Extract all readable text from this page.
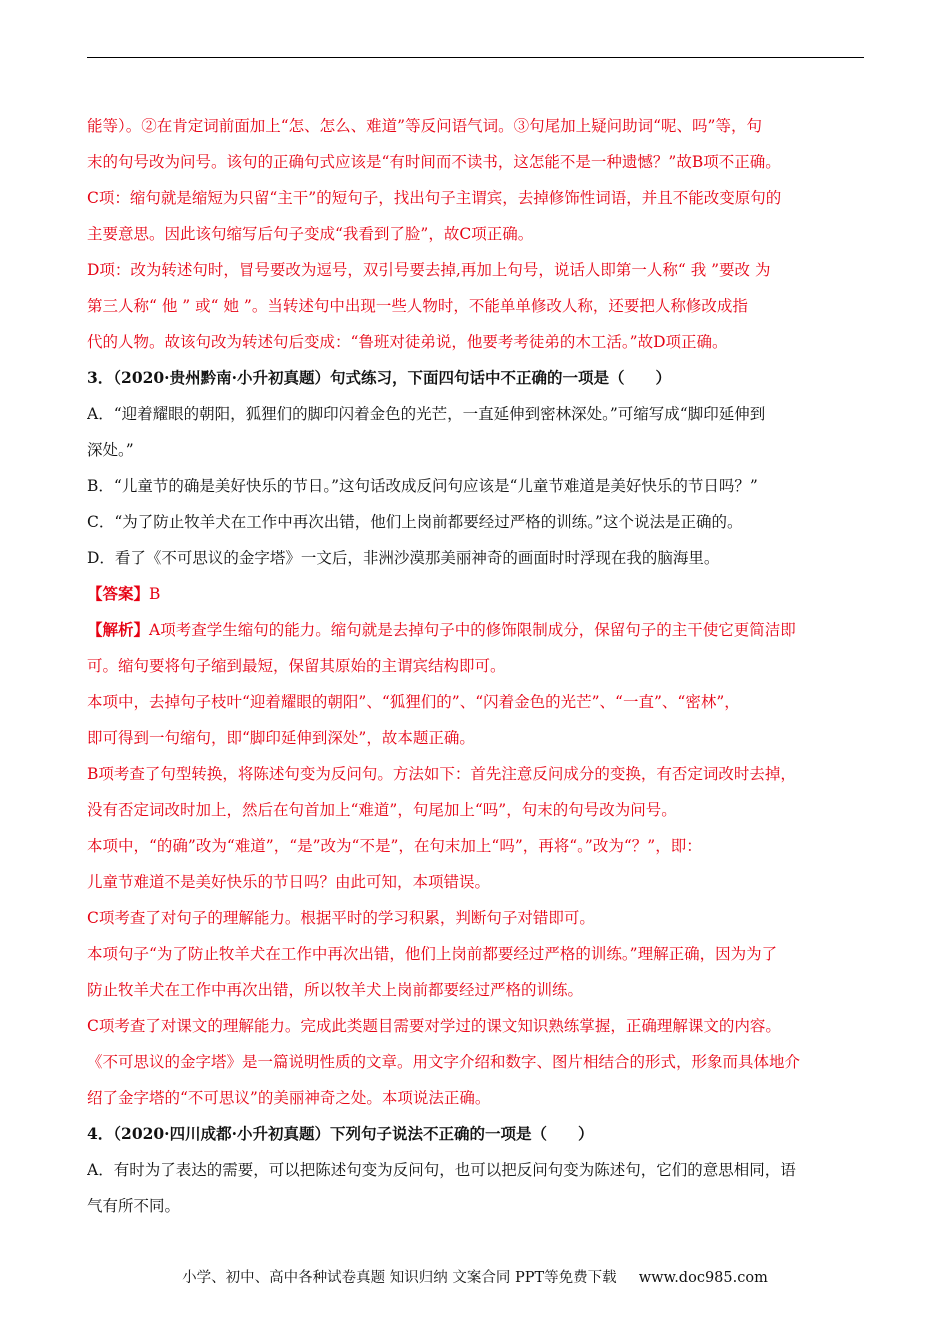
能等）。②在肯定词前面加上“怎、怎么、难道”等反问语气词。③句尾加上疑问助词“呢、吗”等，句
末的句号改为问号。该句的正确句式应该是“有时间而不读书，这怎能不是一种遗憾？”故B项不正确。
C项：缩句就是缩短为只留“主干”的短句子，找出句子主谓宾，去掉修饰性词语，并且不能改变原句的
主要意思。因此该句缩写后句子变成“我看到了脸”，故C项正确。
D项：改为转述句时，冒号要改为逗号，双引号要去掉,再加上句号，说话人即第一人称“ 我 ”要改 为
第三人称“ 他 ” 或“ 她 ”。当转述句中出现一些人物时，不能单单修改人称，还要把人称修改成指
代的人物。故该句改为转述句后变成：“鲁班对徒弟说，他要考考徒弟的木工活。”故D项正确。
3．（2020·贵州黔南·小升初真题）句式练习，下面四句话中不正确的一项是（　　）
A．“迎着耀眼的朝阳，狐狸们的脚印闪着金色的光芒，一直延伸到密林深处。”可缩写成“脚印延伸到
深处。”
B．“儿童节的确是美好快乐的节日。”这句话改成反问句应该是“儿童节难道是美好快乐的节日吗？”
C．“为了防止牧羊犬在工作中再次出错，他们上岗前都要经过严格的训练。”这个说法是正确的。
D．看了《不可思议的金字塔》一文后，非洲沙漠那美丽神奇的画面时时浮现在我的脑海里。
【答案】B
【解析】A项考查学生缩句的能力。缩句就是去掉句子中的修饰限制成分，保留句子的主干使它更简洁即
可。缩句要将句子缩到最短，保留其原始的主谓宾结构即可。
本项中，去掉句子枝叶“迎着耀眼的朝阳”、“狐狸们的”、“闪着金色的光芒”、“一直”、“密林”，
即可得到一句缩句，即“脚印延伸到深处”，故本题正确。
B项考查了句型转换，将陈述句变为反问句。方法如下：首先注意反问成分的变换，有否定词改时去掉，
没有否定词改时加上，然后在句首加上“难道”，句尾加上“吗”，句末的句号改为问号。
本项中，“的确”改为“难道”，“是”改为“不是”，在句末加上“吗”，再将“。”改为“？”，即：
儿童节难道不是美好快乐的节日吗？由此可知，本项错误。
C项考查了对句子的理解能力。根据平时的学习积累，判断句子对错即可。
本项句子“为了防止牧羊犬在工作中再次出错，他们上岗前都要经过严格的训练。”理解正确，因为为了
防止牧羊犬在工作中再次出错，所以牧羊犬上岗前都要经过严格的训练。
C项考查了对课文的理解能力。完成此类题目需要对学过的课文知识熟练掌握，正确理解课文的内容。
《不可思议的金字塔》是一篇说明性质的文章。用文字介绍和数字、图片相结合的形式，形象而具体地介
绍了金字塔的“不可思议”的美丽神奇之处。本项说法正确。
4．（2020·四川成都·小升初真题）下列句子说法不正确的一项是（　　）
A．有时为了表达的需要，可以把陈述句变为反问句，也可以把反问句变为陈述句，它们的意思相同，语
气有所不同。
小学、初中、高中各种试卷真题 知识归纳 文案合同 PPT等免费下载 www.doc985.com
